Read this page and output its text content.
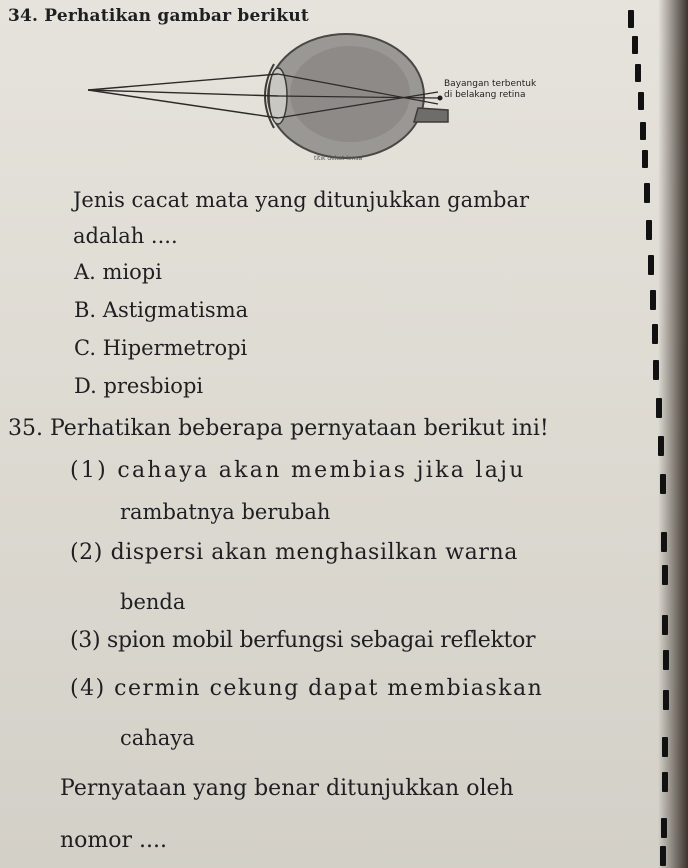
34. Perhatikan gambar berikut
Bayangan terbentuk
di belakang retina
titik dekat lensa
Jenis cacat mata yang ditunjukkan gambar
adalah ....
A. miopi
B. Astigmatisma
C. Hipermetropi
D. presbiopi
35. Perhatikan beberapa pernyataan berikut ini!
(1) cahaya akan membias jika laju
rambatnya berubah
(2) dispersi akan menghasilkan warna
benda
(3) spion mobil berfungsi sebagai reflektor
(4) cermin cekung dapat membiaskan
cahaya
Pernyataan yang benar ditunjukkan oleh
nomor ....
